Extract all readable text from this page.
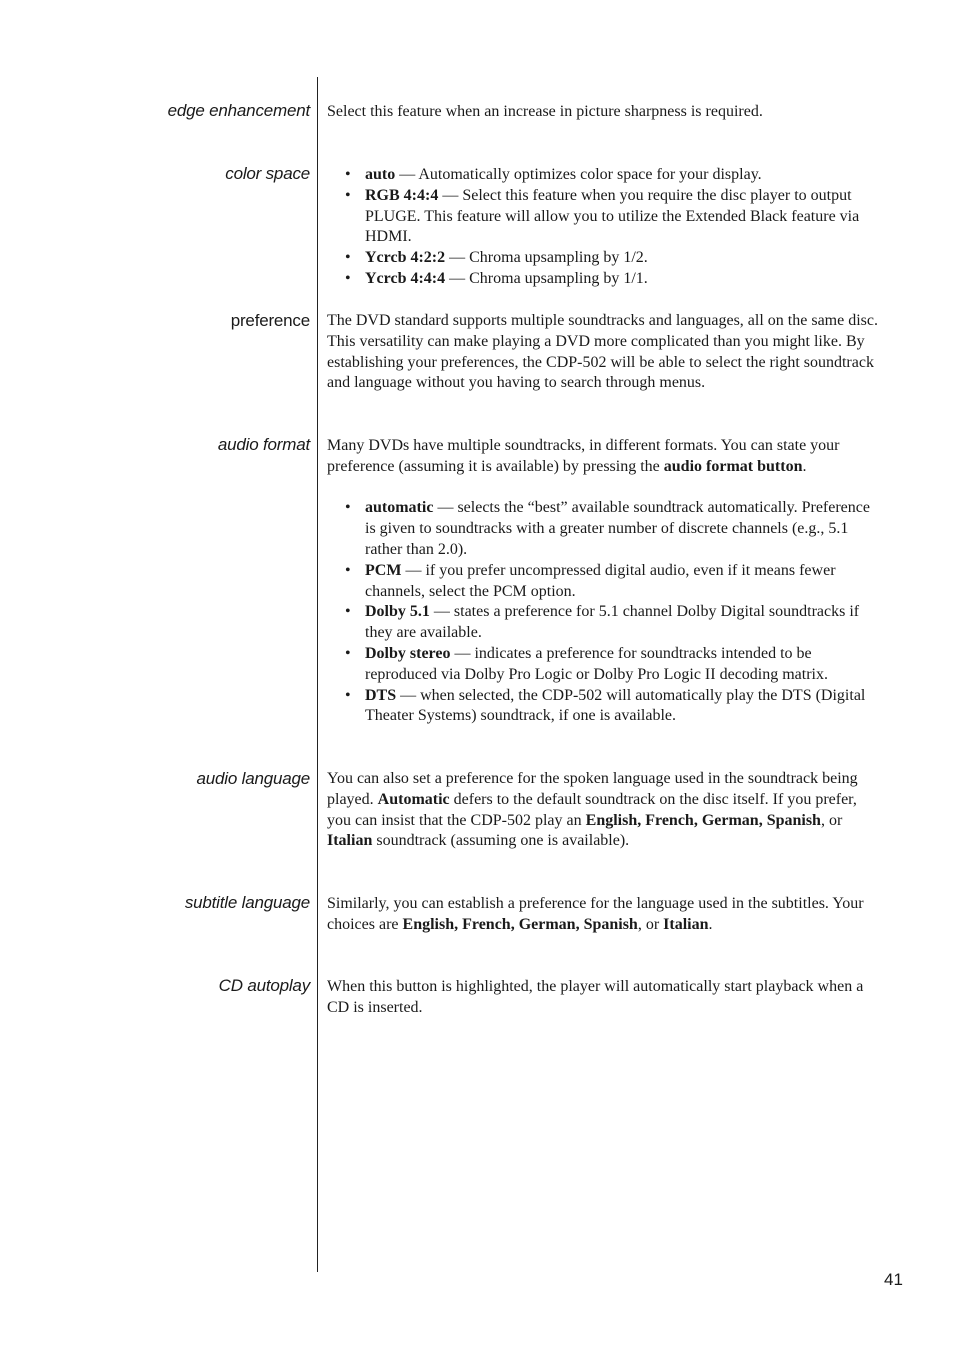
edge enhancement Select this feature when an increase in picture sharpness is required.

color space
•	auto — Automatically optimizes color space for your display.
• RGB 4:4:4 — Select this feature when you require the disc player to output PLUGE. This feature will allow you to utilize the Extended Black feature via HDMI.
• Ycrcb 4:2:2 — Chroma upsampling by 1/2.
• Ycrcb 4:4:4 — Chroma upsampling by 1/1.
preference The DVD standard supports multiple soundtracks and languages, all on the same disc. This versatility can make playing a DVD more complicated than you might like. By establishing your preferences, the CDP-502 will be able to select the right soundtrack and language without you having to search through menus.

audio format Many DVDs have multiple soundtracks, in different formats. You can state your preference (assuming it is available) by pressing the audio format button.

• automatic — selects the “best” available soundtrack automatically. Preference is given to soundtracks with a greater number of discrete channels (e.g., 5.1 rather than 2.0).
• PCM — if you prefer uncompressed digital audio, even if it means fewer channels, select the PCM option.
• Dolby 5.1 — states a preference for 5.1 channel Dolby Digital soundtracks if they are available.
• Dolby stereo — indicates a preference for soundtracks intended to be reproduced via Dolby Pro Logic or Dolby Pro Logic II decoding matrix.
• DTS — when selected, the CDP-502 will automatically play the DTS (Digital Theater Systems) soundtrack, if one is available.
audio language You can also set a preference for the spoken language used in the soundtrack being played. Automatic defers to the default soundtrack on the disc itself. If you prefer, you can insist that the CDP-502 play an English, French, German, Spanish, or Italian soundtrack (assuming one is available).

subtitle language Similarly, you can establish a preference for the language used in the subtitles. Your choices are English, French, German, Spanish, or Italian.

CD autoplay When this button is highlighted, the player will automatically start playback when a CD is inserted.

41
